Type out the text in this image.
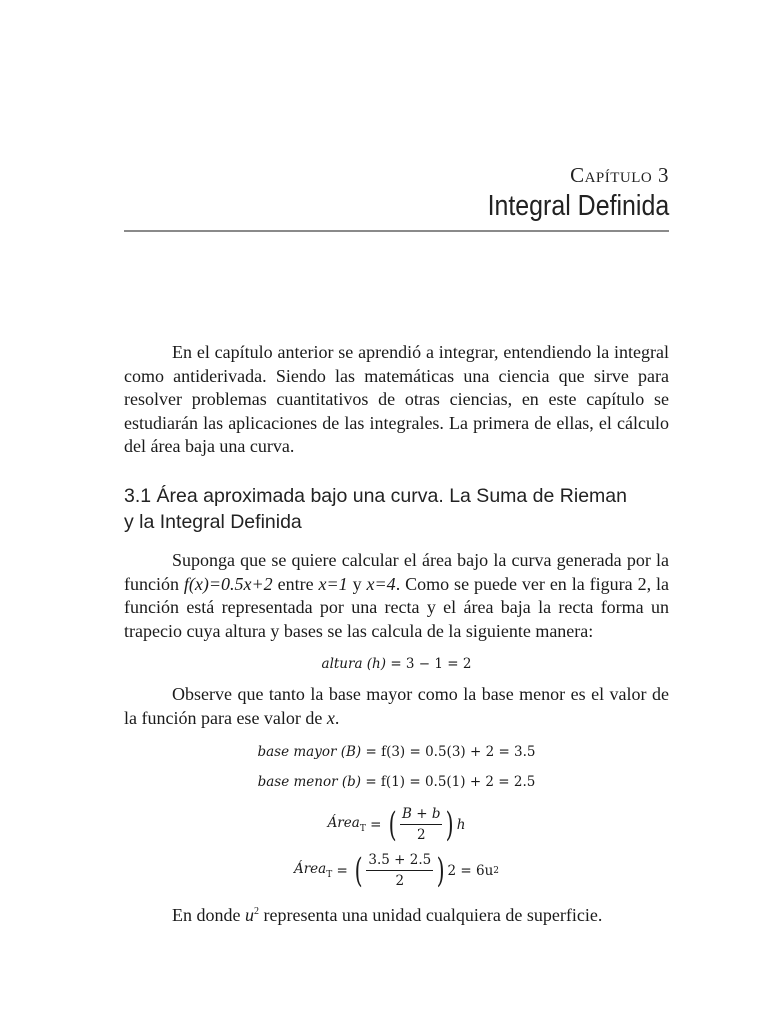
Capítulo 3
Integral Definida

En el capítulo anterior se aprendió a integrar, entendiendo la integral como antiderivada. Siendo las matemáticas una ciencia que sirve para resolver problemas cuantitativos de otras ciencias, en este capítulo se estudiarán las aplicaciones de las integrales. La primera de ellas, el cálculo del área baja una curva.

3.1 Área aproximada bajo una curva. La Suma de Rieman
y la Integral Definida

Suponga que se quiere calcular el área bajo la curva generada por la función f(x)=0.5x+2 entre x=1 y x=4. Como se puede ver en la figura 2, la función está representada por una recta y el área baja la recta forma un trapecio cuya altura y bases se las calcula de la siguiente manera:

altura (h) = 3 − 1 = 2

Observe que tanto la base mayor como la base menor es el valor de la función para ese valor de x.

base mayor (B) = f(3) = 0.5(3) + 2 = 3.5
base menor (b) = f(1) = 0.5(1) + 2 = 2.5
Área$_T$ = ( $\frac{B + b}{2}$ ) h
Área$_T$ = ( $\frac{3.5 + 2.5}{2}$ ) 2 = 6u 2

En donde $u^2$ representa una unidad cualquiera de superficie.
